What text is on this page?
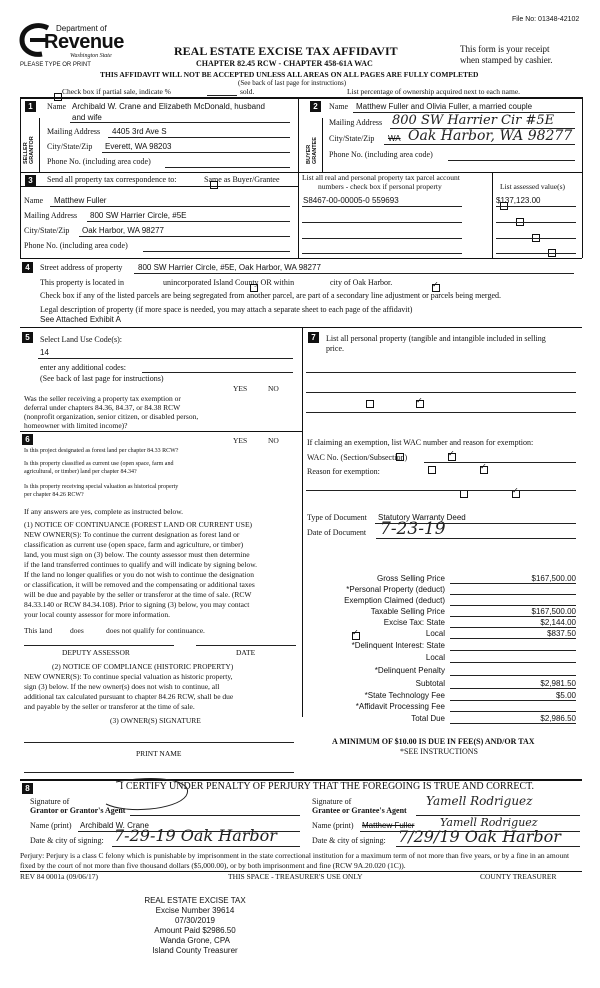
File No: 01348-42102
Department of
Revenue
Washington State
PLEASE TYPE OR PRINT
REAL ESTATE EXCISE TAX AFFIDAVIT
CHAPTER 82.45 RCW - CHAPTER 458-61A WAC
This form is your receipt
when stamped by cashier.
THIS AFFIDAVIT WILL NOT BE ACCEPTED UNLESS ALL AREAS ON ALL PAGES ARE FULLY COMPLETED
(See back of last page for instructions)
Check box if partial sale, indicate %
	sold.	List percentage of ownership acquired next to each name.
1
SELLER GRANTOR
Name Archibald W. Crane and Elizabeth McDonald, husband
and wife
Mailing Address 4405 3rd Ave S
City/State/Zip Everett, WA 98203
Phone No. (including area code)
2
BUYER GRANTEE
Name Matthew Fuller and Olivia Fuller, a married couple
Mailing Address 800 SW Harrier Cir #5E
City/State/Zip WA Oak Harbor, WA 98277
Phone No. (including area code)
3	Send all property tax correspondence to:
	Same as Buyer/Grantee
Name Matthew Fuller
Mailing Address 800 SW Harrier Circle, #5E
City/State/Zip Oak Harbor, WA 98277
Phone No. (including area code)
List all real and personal property tax parcel account
numbers - check box if personal property	List assessed value(s)
S8467-00-00005-0 559693
	$137,123.00

4	Street address of property 800 SW Harrier Circle, #5E, Oak Harbor, WA 98277
This property is located in
	unincorporated Island County OR within
✓	city of Oak Harbor.
Check box if any of the listed parcels are being segregated from another parcel, are part of a secondary line adjustment or parcels being merged.
Legal description of property (if more space is needed, you may attach a separate sheet to each page of the affidavit)
See Attached Exhibit A
5	Select Land Use Code(s):
14
enter any additional codes:
(See back of last page for instructions)
YES	NO
Was the seller receiving a property tax exemption or
deferral under chapters 84.36, 84.37, or 84.38 RCW
(nonprofit organization, senior citizen, or disabled person,
homeowner with limited income)?
✓
6	YES	NO
Is this project designated as forest land per chapter 84.33 RCW?
✓
Is this property classified as current use (open space, farm and
agricultural, or timber) land per chapter 84.34?
✓
Is this property receiving special valuation as historical property
per chapter 84.26 RCW?
✓
If any answers are yes, complete as instructed below.
(1) NOTICE OF CONTINUANCE (FOREST LAND OR CURRENT USE)
NEW OWNER(S): To continue the current designation as forest land or
classification as current use (open space, farm and agriculture, or timber)
land, you must sign on (3) below. The county assessor must then determine
if the land transferred continues to qualify and will indicate by signing below.
If the land no longer qualifies or you do not wish to continue the designation
or classification, it will be removed and the compensating or additional taxes
will be due and payable by the seller or transferor at the time of sale. (RCW
84.33.140 or RCW 84.34.108). Prior to signing (3) below, you may contact
your local county assessor for more information.
This land does
✓	does not qualify for continuance.
DEPUTY ASSESSOR	DATE
(2) NOTICE OF COMPLIANCE (HISTORIC PROPERTY)
NEW OWNER(S): To continue special valuation as historic property,
sign (3) below. If the new owner(s) does not wish to continue, all
additional tax calculated pursuant to chapter 84.26 RCW, shall be due
and payable by the seller or transferor at the time of sale.
(3) OWNER(S) SIGNATURE
PRINT NAME
7	List all personal property (tangible and intangible included in selling
price.
If claiming an exemption, list WAC number and reason for exemption:
WAC No. (Section/Subsection)
Reason for exemption:
Type of Document Statutory Warranty Deed
Date of Document 7-23-19
Gross Selling Price	$167,500.00
*Personal Property (deduct)
Exemption Claimed (deduct)
Taxable Selling Price	$167,500.00
Excise Tax: State	$2,144.00
Local	$837.50
*Delinquent Interest: State
Local
*Delinquent Penalty
Subtotal	$2,981.50
*State Technology Fee	$5.00
*Affidavit Processing Fee
Total Due	$2,986.50
A MINIMUM OF $10.00 IS DUE IN FEE(S) AND/OR TAX
*SEE INSTRUCTIONS
8	I CERTIFY UNDER PENALTY OF PERJURY THAT THE FOREGOING IS TRUE AND CORRECT.
Signature of
Grantor or Grantor's Agent
Name (print) Archibald W. Crane
Date & city of signing: 7-29-19 Oak Harbor
Signature of
Grantee or Grantee's Agent
Yamell Rodriguez
Name (print) Matthew Fuller Yamell Rodriguez
Date & city of signing: 7/29/19 Oak Harbor
Perjury: Perjury is a class C felony which is punishable by imprisonment in the state correctional institution for a maximum term of not more than five years, or by a fine in an amount fixed by the court of not more than five thousand dollars ($5,000.00), or by both imprisonment and fine (RCW 9A.20.020 (1C)).
REV 84 0001a (09/06/17)	THIS SPACE - TREASURER'S USE ONLY	COUNTY TREASURER
REAL ESTATE EXCISE TAX
Excise Number 39614
07/30/2019
Amount Paid $2986.50
Wanda Grone, CPA
Island County Treasurer
